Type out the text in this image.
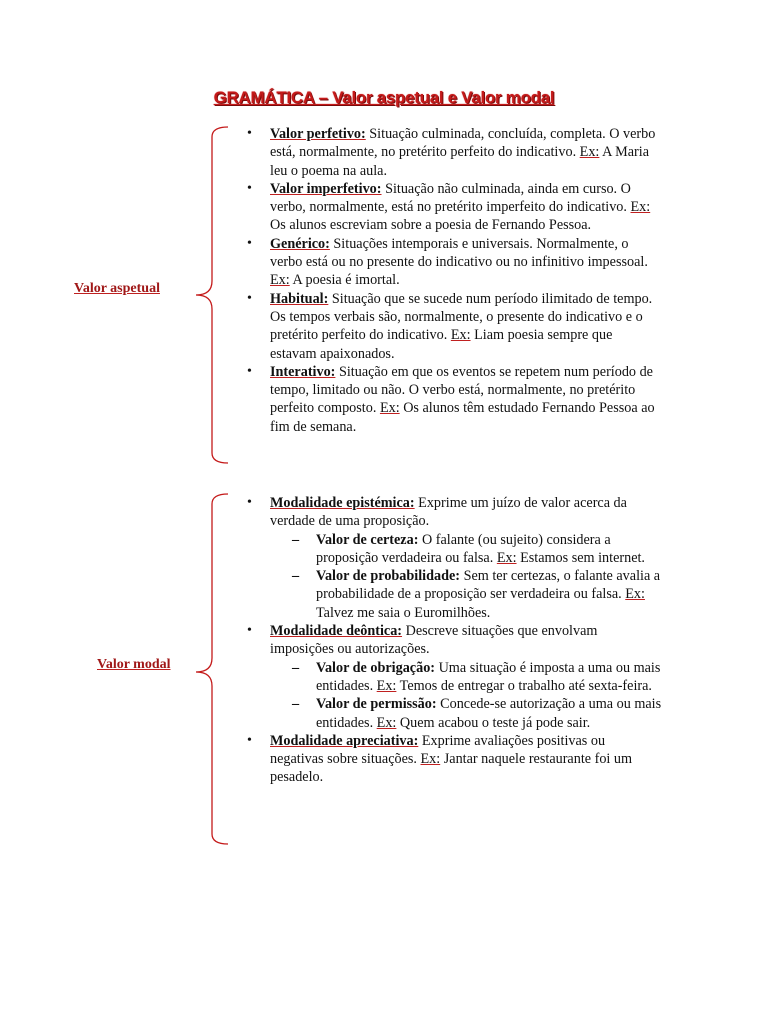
GRAMÁTICA – Valor aspetual e Valor modal
Valor aspetual
• Valor perfetivo: Situação culminada, concluída, completa. O verbo está, normalmente, no pretérito perfeito do indicativo. Ex: A Maria leu o poema na aula.
• Valor imperfetivo: Situação não culminada, ainda em curso. O verbo, normalmente, está no pretérito imperfeito do indicativo. Ex: Os alunos escreviam sobre a poesia de Fernando Pessoa.
• Genérico: Situações intemporais e universais. Normalmente, o verbo está ou no presente do indicativo ou no infinitivo impessoal. Ex: A poesia é imortal.
• Habitual: Situação que se sucede num período ilimitado de tempo. Os tempos verbais são, normalmente, o presente do indicativo e o pretérito perfeito do indicativo. Ex: Liam poesia sempre que estavam apaixonados.
• Interativo: Situação em que os eventos se repetem num período de tempo, limitado ou não. O verbo está, normalmente, no pretérito perfeito composto. Ex: Os alunos têm estudado Fernando Pessoa ao fim de semana.
Valor modal
• Modalidade epistémica: Exprime um juízo de valor acerca da verdade de uma proposição.
– Valor de certeza: O falante (ou sujeito) considera a proposição verdadeira ou falsa. Ex: Estamos sem internet.
– Valor de probabilidade: Sem ter certezas, o falante avalia a probabilidade de a proposição ser verdadeira ou falsa. Ex: Talvez me saia o Euromilhões.
• Modalidade deôntica: Descreve situações que envolvam imposições ou autorizações.
– Valor de obrigação: Uma situação é imposta a uma ou mais entidades. Ex: Temos de entregar o trabalho até sexta-feira.
– Valor de permissão: Concede-se autorização a uma ou mais entidades. Ex: Quem acabou o teste já pode sair.
• Modalidade apreciativa: Exprime avaliações positivas ou negativas sobre situações. Ex: Jantar naquele restaurante foi um pesadelo.
